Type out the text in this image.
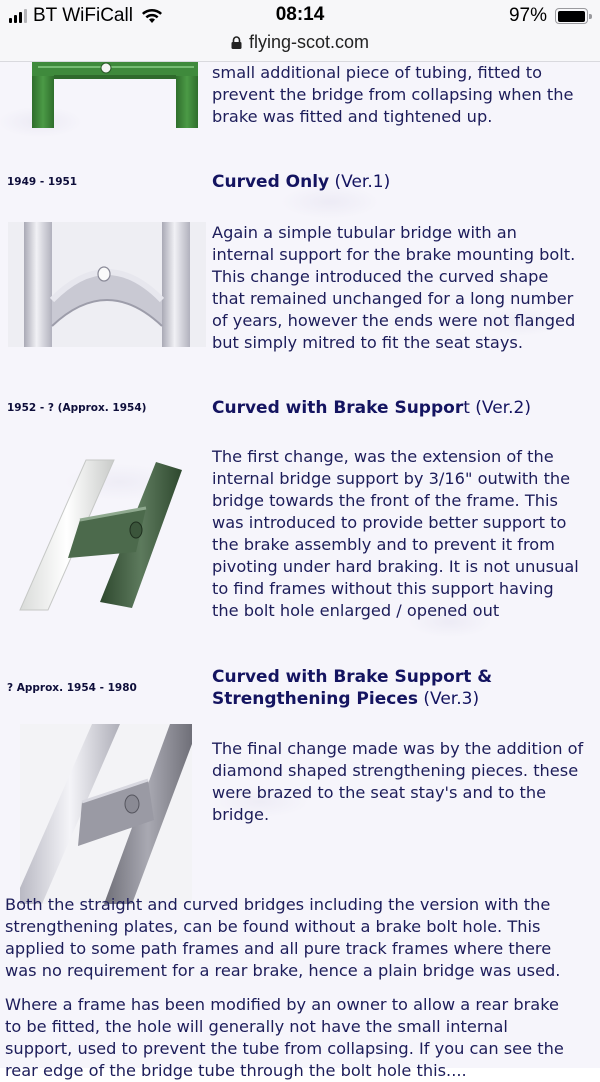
BT WiFiCall	08:14	97%
flying-scot.com
small additional piece of tubing, fitted to
prevent the bridge from collapsing when the
brake was fitted and tightened up.
1949 - 1951	Curved Only (Ver.1)
Again a simple tubular bridge with an
internal support for the brake mounting bolt.
This change introduced the curved shape
that remained unchanged for a long number
of years, however the ends were not flanged
but simply mitred to fit the seat stays.
1952 - ? (Approx. 1954)	Curved with Brake Support (Ver.2)
The first change, was the extension of the
internal bridge support by 3/16" outwith the
bridge towards the front of the frame. This
was introduced to provide better support to
the brake assembly and to prevent it from
pivoting under hard braking. It is not unusual
to find frames without this support having
the bolt hole enlarged / opened out
? Approx. 1954 - 1980
Curved with Brake Support &
Strengthening Pieces (Ver.3)
The final change made was by the addition of
diamond shaped strengthening pieces. these
were brazed to the seat stay's and to the
bridge.
Both the straight and curved bridges including the version with the
strengthening plates, can be found without a brake bolt hole. This
applied to some path frames and all pure track frames where there
was no requirement for a rear brake, hence a plain bridge was used.
Where a frame has been modified by an owner to allow a rear brake
to be fitted, the hole will generally not have the small internal
support, used to prevent the tube from collapsing. If you can see the
rear edge of the bridge tube through the bolt hole this....
